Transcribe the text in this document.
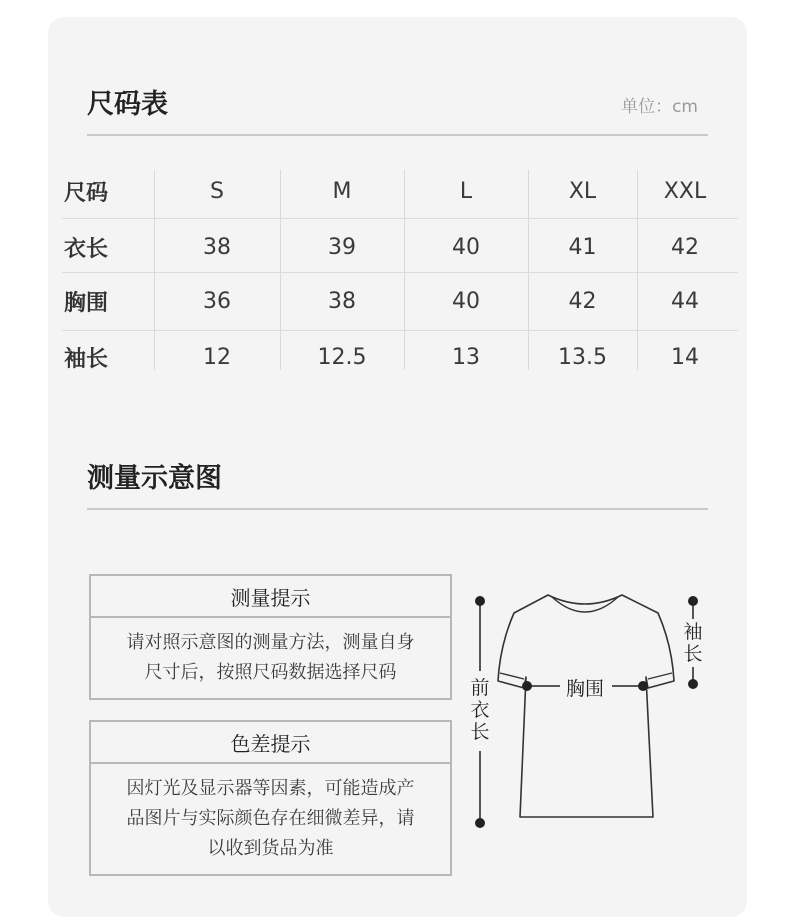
尺码表	单位：cm
尺码	S	M	L	XL	XXL
衣长	38	39	40	41	42
胸围	36	38	40	42	44
袖长	12	12.5	13	13.5	14
测量示意图
测量提示
请对照示意图的测量方法，测量自身
尺寸后，按照尺码数据选择尺码
色差提示
因灯光及显示器等因素，可能造成产
品图片与实际颜色存在细微差异，请
以收到货品为准
前
衣
长
袖
长
胸围
